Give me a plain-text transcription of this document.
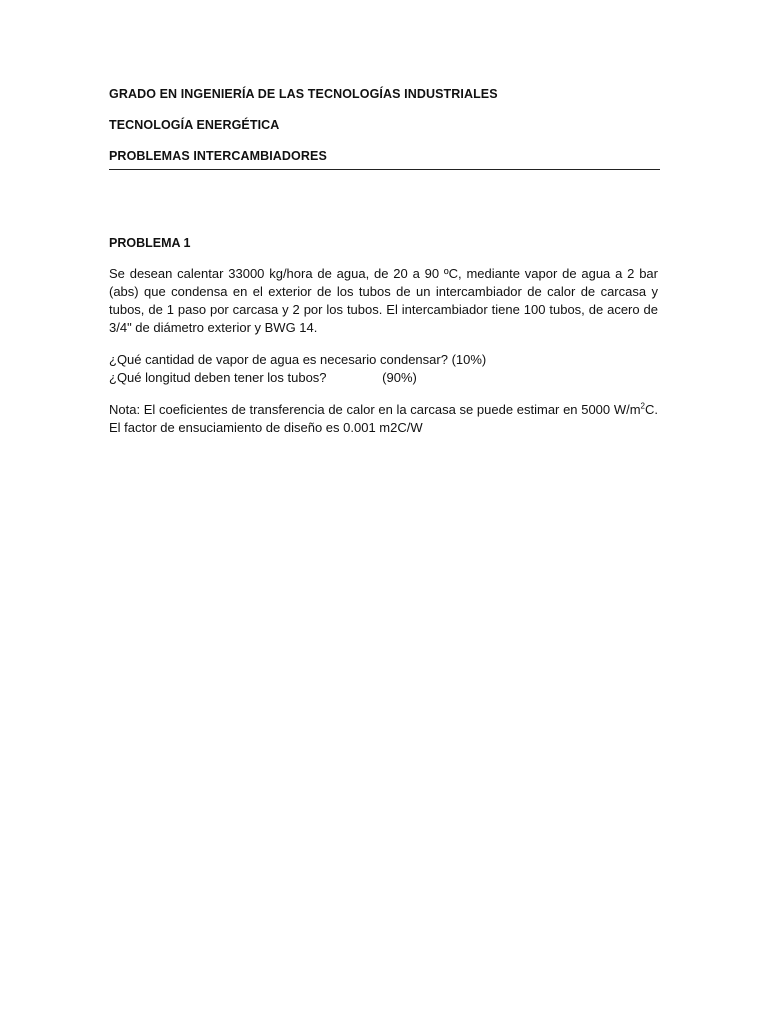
GRADO EN INGENIERÍA DE LAS TECNOLOGÍAS INDUSTRIALES
TECNOLOGÍA ENERGÉTICA
PROBLEMAS INTERCAMBIADORES
PROBLEMA 1

Se desean calentar 33000 kg/hora de agua, de 20 a 90 ºC, mediante vapor de agua a 2 bar (abs) que condensa en el exterior de los tubos de un intercambiador de calor de carcasa y tubos, de 1 paso por carcasa y 2 por los tubos. El intercambiador tiene 100 tubos, de acero de 3/4" de diámetro exterior y BWG 14.

¿Qué cantidad de vapor de agua es necesario condensar? (10%)

¿Qué longitud deben tener los tubos?	(90%)

Nota: El coeficientes de transferencia de calor en la carcasa se puede estimar en 5000 $W/m^2C$. El factor de ensuciamiento de diseño es 0.001 m2C/W
